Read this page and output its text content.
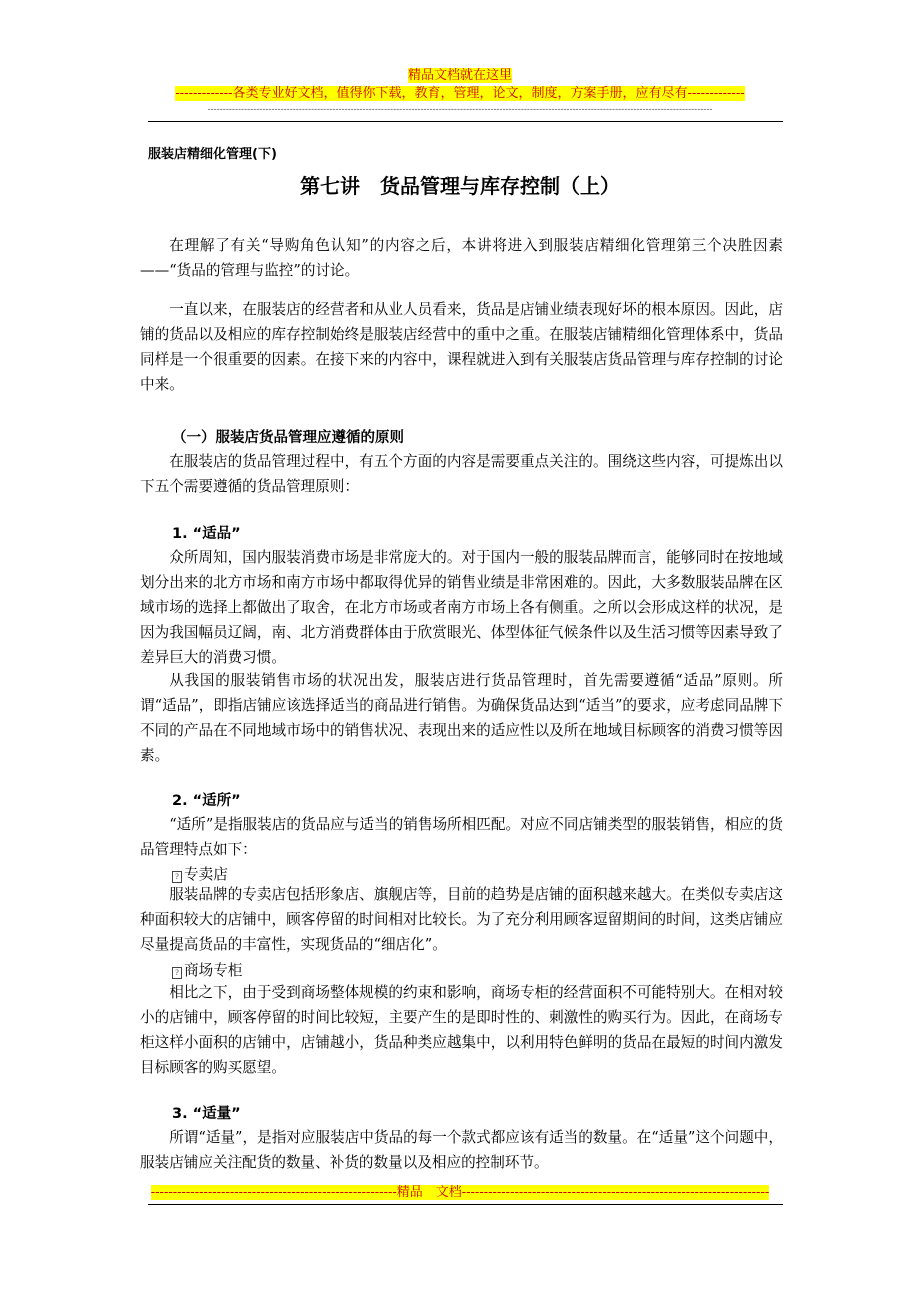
精品文档就在这里
-------------各类专业好文档，值得你下载，教育，管理，论文，制度，方案手册，应有尽有-------------
----------------------------------------------------------------------------------------------------------------------------------------------------------------------
服装店精细化管理(下)
第七讲　货品管理与库存控制（上）
在理解了有关“导购角色认知”的内容之后，本讲将进入到服装店精细化管理第三个决胜因素——“货品的管理与监控”的讨论。
一直以来，在服装店的经营者和从业人员看来，货品是店铺业绩表现好坏的根本原因。因此，店铺的货品以及相应的库存控制始终是服装店经营中的重中之重。在服装店铺精细化管理体系中，货品同样是一个很重要的因素。在接下来的内容中，课程就进入到有关服装店货品管理与库存控制的讨论中来。
（一）服装店货品管理应遵循的原则
在服装店的货品管理过程中，有五个方面的内容是需要重点关注的。围绕这些内容，可提炼出以下五个需要遵循的货品管理原则：
1. “适品”
众所周知，国内服装消费市场是非常庞大的。对于国内一般的服装品牌而言，能够同时在按地域划分出来的北方市场和南方市场中都取得优异的销售业绩是非常困难的。因此，大多数服装品牌在区域市场的选择上都做出了取舍，在北方市场或者南方市场上各有侧重。之所以会形成这样的状况，是因为我国幅员辽阔，南、北方消费群体由于欣赏眼光、体型体征气候条件以及生活习惯等因素导致了差异巨大的消费习惯。
从我国的服装销售市场的状况出发，服装店进行货品管理时，首先需要遵循“适品”原则。所谓“适品”，即指店铺应该选择适当的商品进行销售。为确保货品达到“适当”的要求，应考虑同品牌下不同的产品在不同地域市场中的销售状况、表现出来的适应性以及所在地域目标顾客的消费习惯等因素。
2. “适所”
“适所”是指服装店的货品应与适当的销售场所相匹配。对应不同店铺类型的服装销售，相应的货品管理特点如下：
? 专卖店
服装品牌的专卖店包括形象店、旗舰店等，目前的趋势是店铺的面积越来越大。在类似专卖店这种面积较大的店铺中，顾客停留的时间相对比较长。为了充分利用顾客逗留期间的时间，这类店铺应尽量提高货品的丰富性，实现货品的“细店化”。
? 商场专柜
相比之下，由于受到商场整体规模的约束和影响，商场专柜的经营面积不可能特别大。在相对较小的店铺中，顾客停留的时间比较短，主要产生的是即时性的、刺激性的购买行为。因此，在商场专柜这样小面积的店铺中，店铺越小，货品种类应越集中，以利用特色鲜明的货品在最短的时间内激发目标顾客的购买愿望。
3. “适量”
所谓“适量”，是指对应服装店中货品的每一个款式都应该有适当的数量。在“适量”这个问题中，服装店铺应关注配货的数量、补货的数量以及相应的控制环节。
--------------------------------------------------------精品　文档----------------------------------------------------------------------
